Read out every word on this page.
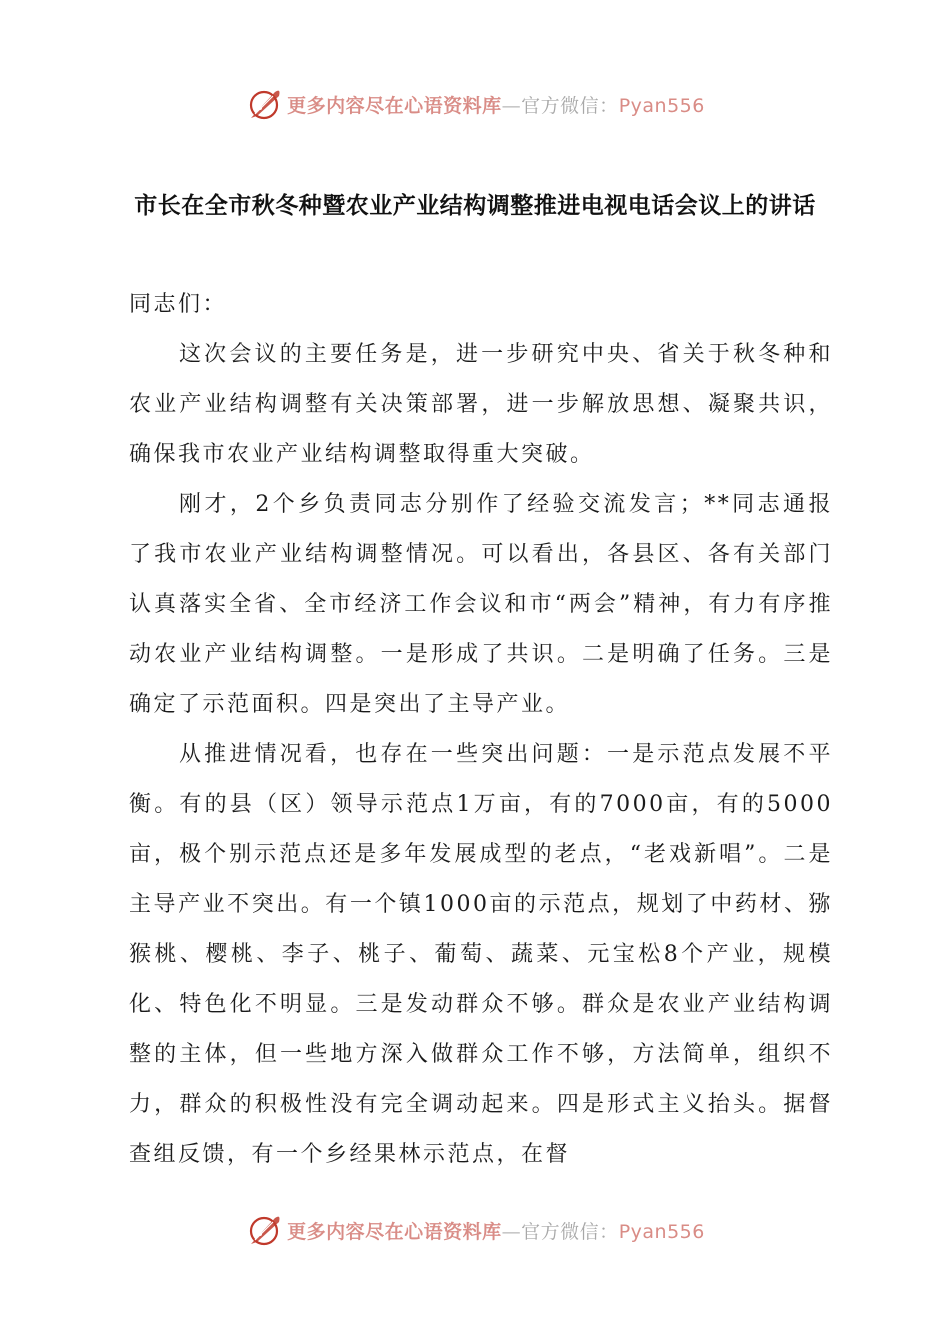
更多内容尽在心语资料库—官方微信：Pyan556
市长在全市秋冬种暨农业产业结构调整推进电视电话会议上的讲话

同志们：

这次会议的主要任务是，进一步研究中央、省关于秋冬种和农业产业结构调整有关决策部署，进一步解放思想、凝聚共识，确保我市农业产业结构调整取得重大突破。

刚才，2个乡负责同志分别作了经验交流发言；**同志通报了我市农业产业结构调整情况。可以看出，各县区、各有关部门认真落实全省、全市经济工作会议和市“两会”精神，有力有序推动农业产业结构调整。一是形成了共识。二是明确了任务。三是确定了示范面积。四是突出了主导产业。

从推进情况看，也存在一些突出问题：一是示范点发展不平衡。有的县（区）领导示范点1万亩，有的7000亩，有的5000亩，极个别示范点还是多年发展成型的老点，“老戏新唱”。二是主导产业不突出。有一个镇1000亩的示范点，规划了中药材、猕猴桃、樱桃、李子、桃子、葡萄、蔬菜、元宝松8个产业，规模化、特色化不明显。三是发动群众不够。群众是农业产业结构调整的主体，但一些地方深入做群众工作不够，方法简单，组织不力，群众的积极性没有完全调动起来。四是形式主义抬头。据督查组反馈，有一个乡经果林示范点，在督

更多内容尽在心语资料库—官方微信：Pyan556
